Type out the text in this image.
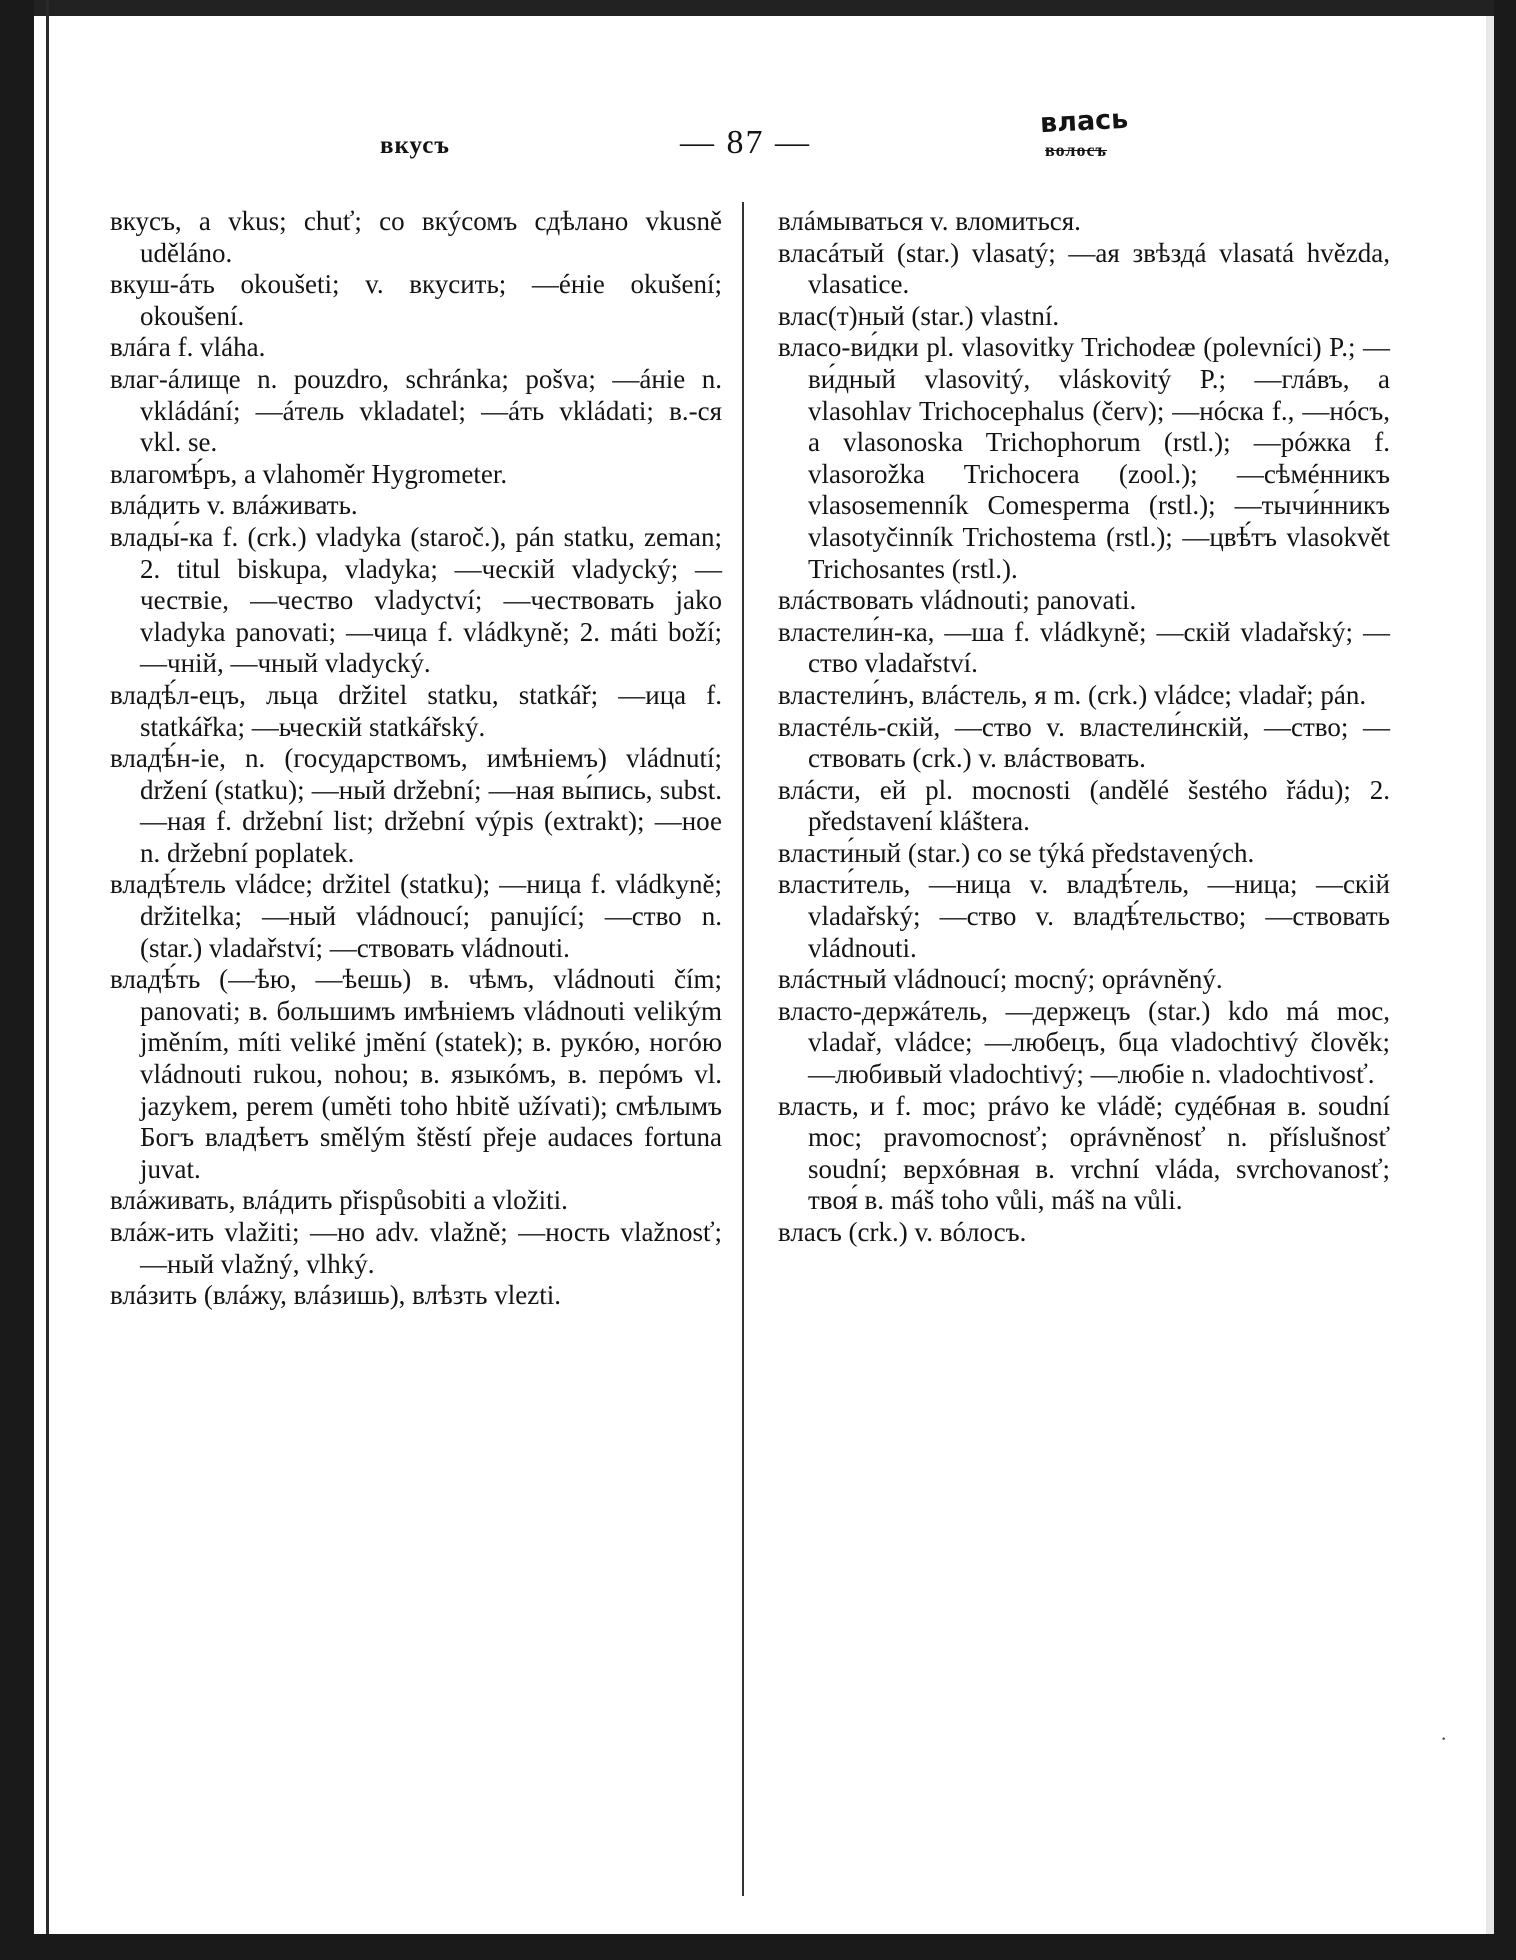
вкусъ	— 87 —
влась
волосъ

вкусъ, а vkus; chuť; со вкýсомъ сдѣлано vkusně uděláno.

вкуш-áть okoušeti; v. вкусить; —éніе okušení; okoušení.

влáга f. vláha.

влаг-áлище n. pouzdro, schránka; pošva; —áніе n. vkládání; —áтель vkladatel; —áть vkládati; в.-ся vkl. se.

влагомѣ́ръ, а vlahoměr Hygrometer.

влáдить v. влáживать.

влады́-ка f. (crk.) vladyka (staroč.), pán statku, zeman; 2. titul biskupa, vladyka; —ческій vladycký; —чествіе, —чество vladyctví; —чествовать jako vladyka panovati; —чица f. vládkyně; 2. máti boží; —чній, —чный vladycký.

владѣ́л-ецъ, льца držitel statku, statkář; —ица f. statkářka; —ьческій statkářský.

владѣ́н-іе, n. (государствомъ, имѣніемъ) vládnutí; držení (statku); —ный držební; —ная вы́пись, subst. —ная f. držební list; držební výpis (extrakt); —ное n. držební poplatek.

владѣ́тель vládce; držitel (statku); —ница f. vládkyně; držitelka; —ный vládnoucí; panující; —ство n. (star.) vladařství; —ствовать vládnouti.

владѣ́ть (—ѣю, —ѣешь) в. чѣмъ, vládnouti čím; panovati; в. большимъ имѣніемъ vládnouti velikým jměním, míti veliké jmění (statek); в. рукóю, ногóю vládnouti rukou, nohou; в. языкóмъ, в. перóмъ vl. jazykem, perem (uměti toho hbitě užívati); смѣлымъ Богъ владѣетъ smělým štěstí přeje audaces fortuna juvat.

влáживать, влáдить přispůsobiti a vložiti.

влáж-ить vlažiti; —но adv. vlažně; —ность vlažnosť; —ный vlažný, vlhký.

влáзить (влáжу, влáзишь), влѣзть vlezti.

влáмываться v. вломиться.

власáтый (star.) vlasatý; —ая звѣздá vlasatá hvězda, vlasatice.

влас(т)ный (star.) vlastní.

власо-ви́дки pl. vlasovitky Trichodeæ (polevníci) P.; —ви́дный vlasovitý, vláskovitý P.; —глáвъ, а vlasohlav Trichocephalus (červ); —нóска f., —нóсъ, а vlasonoska Trichophorum (rstl.); —рóжка f. vlasorožka Trichocera (zool.); —сѣмéнникъ vlasosemenník Comesperma (rstl.); —тычи́нникъ vlasotyčinník Trichostema (rstl.); —цвѣ́тъ vlasokvět Trichosantes (rstl.).

влáствовать vládnouti; panovati.

властели́н-ка, —ша f. vládkyně; —скій vladařský; —ство vladařství.

властели́нъ, влáстель, я m. (crk.) vládce; vladař; pán.

властéль-скій, —ство v. властели́нскій, —ство; —ствовать (crk.) v. влáствовать.

влáсти, ей pl. mocnosti (andělé šestého řádu); 2. představení kláštera.

власти́ный (star.) co se týká představených.

власти́тель, —ница v. владѣ́тель, —ница; —скій vladařský; —ство v. владѣ́тельство; —ствовать vládnouti.

влáстный vládnoucí; mocný; oprávněný.

власто-держáтель, —держецъ (star.) kdo má moc, vladař, vládce; —любецъ, бца vladochtivý člověk; —любивый vladochtivý; —любіе n. vladochtivosť.

власть, и f. moc; právo ke vládě; судéбная в. soudní moc; pravomocnosť; oprávněnosť n. příslušnosť soudní; верхóвная в. vrchní vláda, svrchovanosť; твоя́ в. máš toho vůli, máš na vůli.

власъ (crk.) v. вóлосъ.

·
